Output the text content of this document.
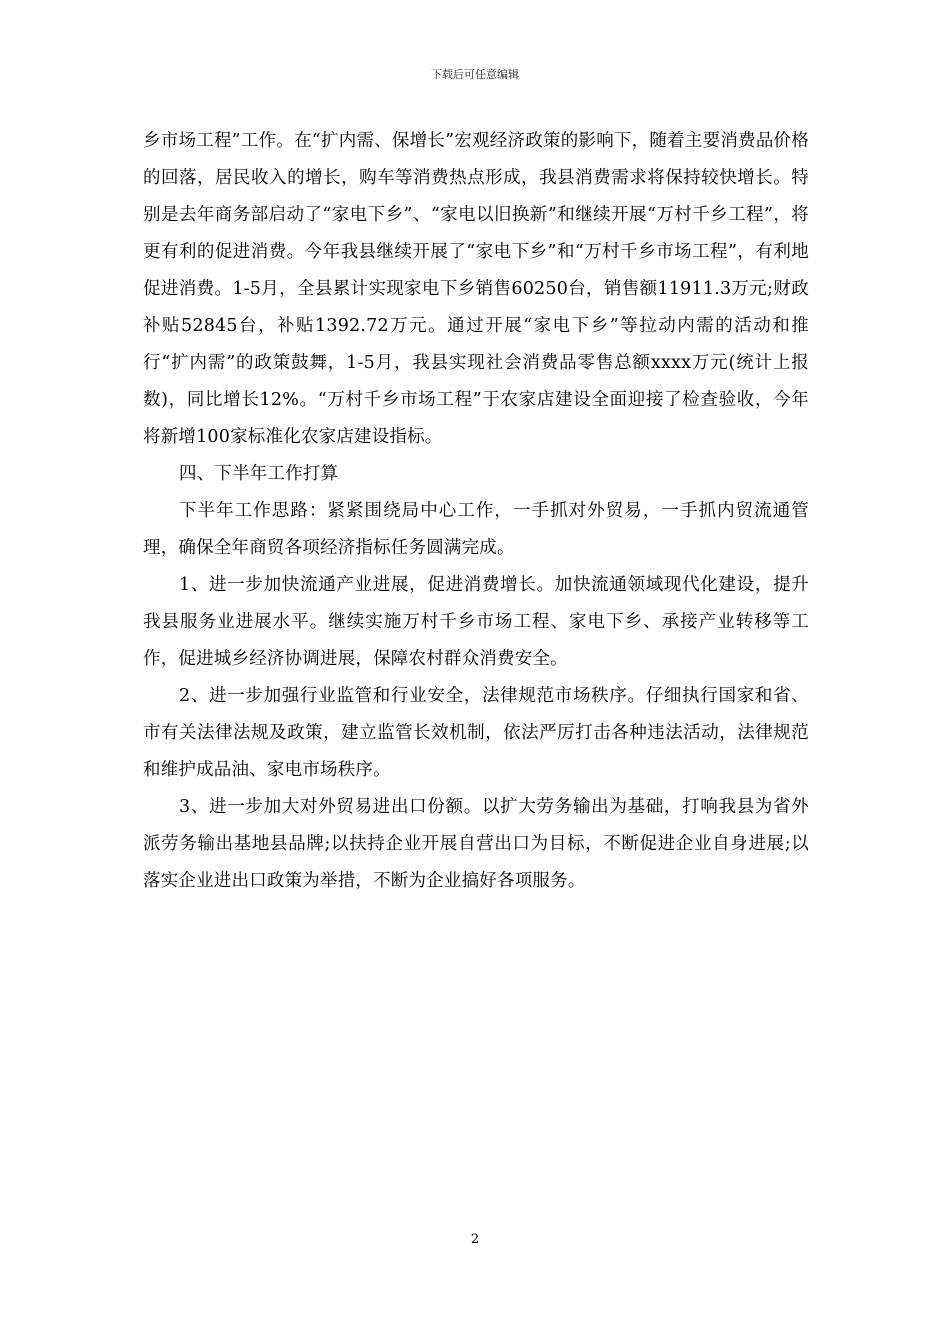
下载后可任意编辑

乡市场工程”工作。在“扩内需、保增长”宏观经济政策的影响下，随着主要消费品价格的回落，居民收入的增长，购车等消费热点形成，我县消费需求将保持较快增长。特别是去年商务部启动了“家电下乡”、“家电以旧换新”和继续开展“万村千乡工程”，将更有利的促进消费。今年我县继续开展了“家电下乡”和“万村千乡市场工程”，有利地促进消费。1-5月，全县累计实现家电下乡销售60250台，销售额11911.3万元;财政补贴52845台，补贴1392.72万元。通过开展“家电下乡”等拉动内需的活动和推行“扩内需”的政策鼓舞，1-5月，我县实现社会消费品零售总额xxxx万元(统计上报数)，同比增长12%。“万村千乡市场工程”于农家店建设全面迎接了检查验收，今年将新增100家标准化农家店建设指标。

四、下半年工作打算

下半年工作思路：紧紧围绕局中心工作，一手抓对外贸易，一手抓内贸流通管理，确保全年商贸各项经济指标任务圆满完成。

1、进一步加快流通产业进展，促进消费增长。加快流通领域现代化建设，提升我县服务业进展水平。继续实施万村千乡市场工程、家电下乡、承接产业转移等工作，促进城乡经济协调进展，保障农村群众消费安全。

2、进一步加强行业监管和行业安全，法律规范市场秩序。仔细执行国家和省、市有关法律法规及政策，建立监管长效机制，依法严厉打击各种违法活动，法律规范和维护成品油、家电市场秩序。

3、进一步加大对外贸易进出口份额。以扩大劳务输出为基础，打响我县为省外派劳务输出基地县品牌;以扶持企业开展自营出口为目标，不断促进企业自身进展;以落实企业进出口政策为举措，不断为企业搞好各项服务。

2
